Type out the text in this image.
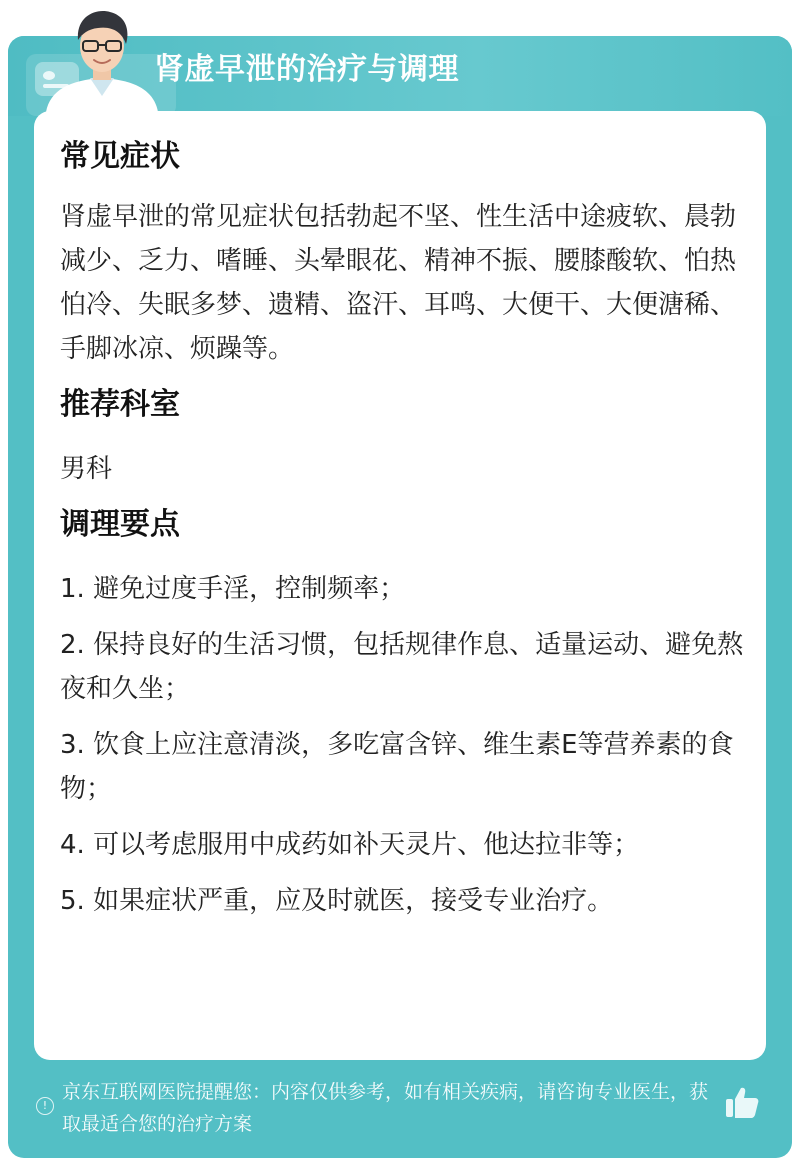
肾虚早泄的治疗与调理
常见症状

肾虚早泄的常见症状包括勃起不坚、性生活中途疲软、晨勃减少、乏力、嗜睡、头晕眼花、精神不振、腰膝酸软、怕热怕冷、失眠多梦、遗精、盗汗、耳鸣、大便干、大便溏稀、手脚冰凉、烦躁等。

推荐科室

男科

调理要点

1. 避免过度手淫，控制频率；

2. 保持良好的生活习惯，包括规律作息、适量运动、避免熬夜和久坐；

3. 饮食上应注意清淡，多吃富含锌、维生素E等营养素的食物；

4. 可以考虑服用中成药如补天灵片、他达拉非等；

5. 如果症状严重，应及时就医，接受专业治疗。

!

京东互联网医院提醒您：内容仅供参考，如有相关疾病，请咨询专业医生，获取最适合您的治疗方案
